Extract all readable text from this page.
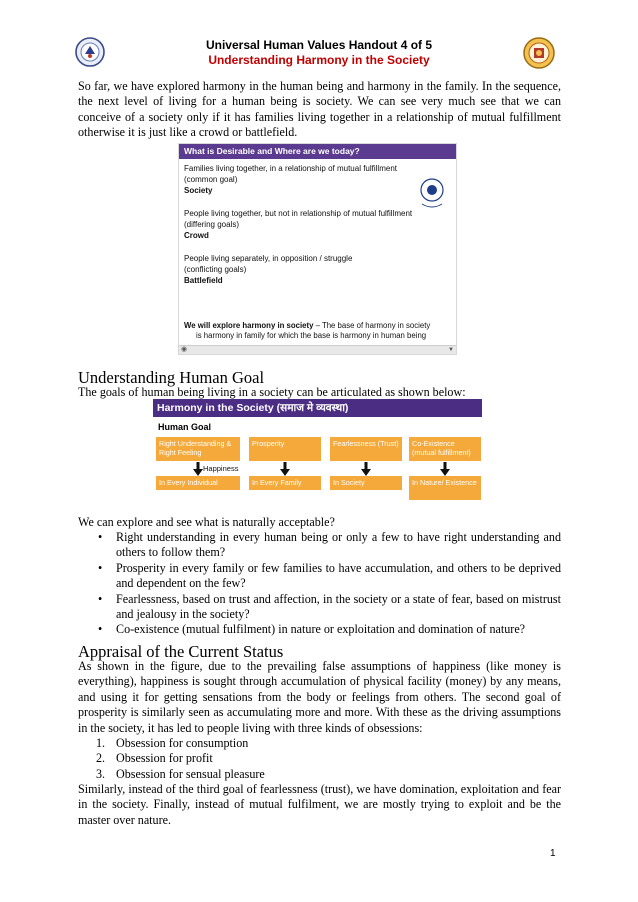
Universal Human Values Handout 4 of 5
Understanding Harmony in the Society

So far, we have explored harmony in the human being and harmony in the family. In the sequence, the next level of living for a human being is society. We can see very much see that we can conceive of a society only if it has families living together in a relationship of mutual fulfillment otherwise it is just like a crowd or battlefield.

What is Desirable and Where are we today?
Families living together, in a relationship of mutual fulfillment
(common goal)
Society
People living together, but not in relationship of mutual fulfillment
(differing goals)
Crowd
People living separately, in opposition / struggle
(conflicting goals)
Battlefield
We will explore harmony in society – The base of harmony in society
is harmony in family for which the base is harmony in human being
◉	▼
Understanding Human Goal

The goals of human being living in a society can be articulated as shown below:

Harmony in the Society (समाज मे व्यवस्था)
Human Goal
Right Understanding & Right Feeling
Prosperity	Fearlessness (Trust)	Co-Existence (mutual fulfillment)
Happiness
In Every Individual	In Every Family	In Society	In Nature/ Existence

We can explore and see what is naturally acceptable?

• Right understanding in every human being or only a few to have right understanding and others to follow them?
• Prosperity in every family or few families to have accumulation, and others to be deprived and dependent on the few?
• Fearlessness, based on trust and affection, in the society or a state of fear, based on mistrust and jealousy in the society?
• Co-existence (mutual fulfilment) in nature or exploitation and domination of nature?
Appraisal of the Current Status

As shown in the figure, due to the prevailing false assumptions of happiness (like money is everything), happiness is sought through accumulation of physical facility (money) by any means, and using it for getting sensations from the body or feelings from others. The second goal of prosperity is similarly seen as accumulating more and more. With these as the driving assumptions in the society, it has led to people living with three kinds of obsessions:

1. Obsession for consumption
2. Obsession for profit
3. Obsession for sensual pleasure

Similarly, instead of the third goal of fearlessness (trust), we have domination, exploitation and fear in the society. Finally, instead of mutual fulfilment, we are mostly trying to exploit and be the master over nature.

1
